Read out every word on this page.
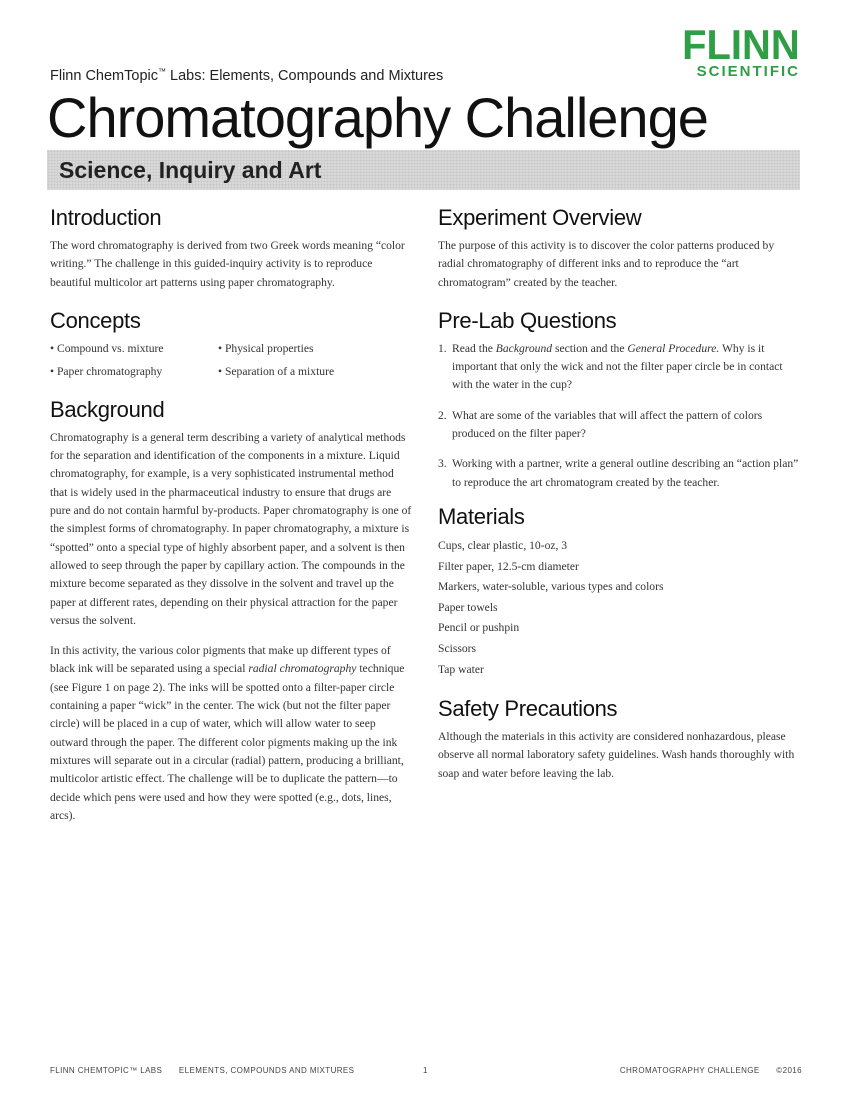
FLINN
SCIENTIFIC
Flinn ChemTopic™ Labs: Elements, Compounds and Mixtures
Chromatography Challenge
Science, Inquiry and Art
Introduction

The word chromatography is derived from two Greek words meaning “color writing.” The challenge in this guided-inquiry activity is to reproduce beautiful multicolor art patterns using paper chromatography.

Concepts
• Compound vs. mixture	• Physical properties
• Paper chromatography	• Separation of a mixture
Background

Chromatography is a general term describing a variety of analytical methods for the separation and identification of the components in a mixture. Liquid chromatography, for example, is a very sophisticated instrumental method that is widely used in the pharmaceutical industry to ensure that drugs are pure and do not contain harmful by-products. Paper chromatography is one of the simplest forms of chromatography. In paper chromatography, a mixture is “spotted” onto a special type of highly absorbent paper, and a solvent is then allowed to seep through the paper by capillary action. The compounds in the mixture become separated as they dissolve in the solvent and travel up the paper at different rates, depending on their physical attraction for the paper versus the solvent.

In this activity, the various color pigments that make up different types of black ink will be separated using a special radial chromatography technique (see Figure 1 on page 2). The inks will be spotted onto a filter-paper circle containing a paper “wick” in the center. The wick (but not the filter paper circle) will be placed in a cup of water, which will allow water to seep outward through the paper. The different color pigments making up the ink mixtures will separate out in a circular (radial) pattern, producing a brilliant, multicolor artistic effect. The challenge will be to duplicate the pattern—to decide which pens were used and how they were spotted (e.g., dots, lines, arcs).

Experiment Overview

The purpose of this activity is to discover the color patterns produced by radial chromatography of different inks and to reproduce the “art chromatogram” created by the teacher.

Pre-Lab Questions
1. Read the Background section and the General Procedure. Why is it important that only the wick and not the filter paper circle be in contact with the water in the cup?
2. What are some of the variables that will affect the pattern of colors produced on the filter paper?
3. Working with a partner, write a general outline describing an “action plan” to reproduce the art chromatogram created by the teacher.
Materials
Cups, clear plastic, 10-oz, 3
Filter paper, 12.5-cm diameter
Markers, water-soluble, various types and colors
Paper towels
Pencil or pushpin
Scissors
Tap water
Safety Precautions

Although the materials in this activity are considered nonhazardous, please observe all normal laboratory safety guidelines. Wash hands thoroughly with soap and water before leaving the lab.

FLINN CHEMTOPIC™ LABS ELEMENTS, COMPOUNDS AND MIXTURES	1	CHROMATOGRAPHY CHALLENGE ©2016
